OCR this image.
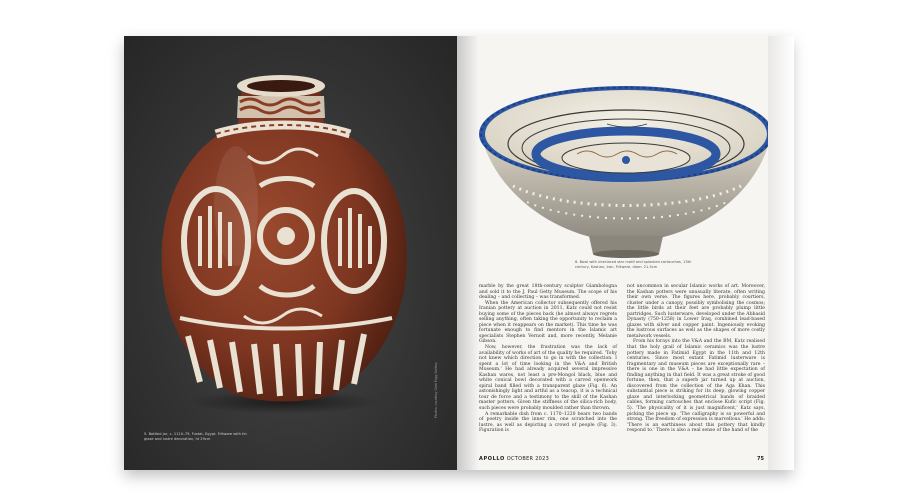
5. Bottled jar, c. 1110–79, Fustat, Egypt. Fritware with tin glaze and lustre decoration, ht 29cm
Photos: courtesy Sam Fogg Gallery
6. Bowl with interlaced star motif and splashed cartouches, 13th century, Kashan, Iran. Fritware, diam. 21.5cm

marble by the great 18th-century sculptor Giambologna and sold it to the J. Paul Getty Museum. The scope of his dealing – and collecting – was transformed.

When the American collector subsequently offered his Iranian pottery at auction in 2011, Katz could not resist buying some of the pieces back (he almost always regrets selling anything, often taking the opportunity to reclaim a piece when it reappears on the market). This time he was fortunate enough to find mentors in the Islamic art specialists Stephen Vernoit and, more recently, Melanie Gibson.

Now, however, the frustration was the lack of availability of works of art of the quality he required. 'Toby not knew which direction to go in with the collection. I spent a lot of time looking in the V&A and British Museum.' He had already acquired several impressive Kashan wares, not least a pre-Mongol black, blue and white conical bowl decorated with a carved openwork spiral band filled with a transparent glaze (Fig. 6). An astonishingly light and artful as a teacup, it is a technical tour de force and a testimony to the skill of the Kashan master potters. Given the stiffness of the silica-rich body, such pieces were probably moulded rather than thrown.

A remarkable dish from c. 1170–1220 bears two bands of poetry inside the inner rim, one scratched into the lustre, as well as depicting a crowd of people (Fig. 3). Figuration is

not uncommon in secular Islamic works of art. Moreover, the Kashan potters were unusually literate, often writing their own verse. The figures here, probably courtiers, cluster under a canopy, possibly symbolising the cosmos; the little birds at their feet are probably plump little partridges. Such lusterware, developed under the Abbasid Dynasty (750–1258) in Lower Iraq, combined lead-based glazes with silver and copper paint. Ingeniously evoking the lustrous surfaces as well as the shapes of more costly metalwork vessels.

From his forays into the V&A and the BM, Katz realised that the holy grail of Islamic ceramics was the lustre pottery made in Fatimid Egypt in the 11th and 12th centuries. Since most extant Fatimid lusterware is fragmentary and museum pieces are exceptionally rare – there is one in the V&A – he had little expectation of finding anything in that field. It was a great stroke of good fortune, then, that a superb jar turned up at auction, discovered from the collection of the Aga Khan. This substantial piece is striking for its deep, glowing copper glaze and interlocking geometrical bands of braided cables, forming cartouches that enclose Kufic script (Fig. 5). 'The physicality of it is just magnificent,' Katz says, picking the piece up. 'The calligraphy is so powerful and strong. The freedom of expression is marvellous.' He adds: 'There is an earthiness about this pottery that kindly respond to.' There is also a real sense of the hand of the

APOLLO OCTOBER 2023	75
